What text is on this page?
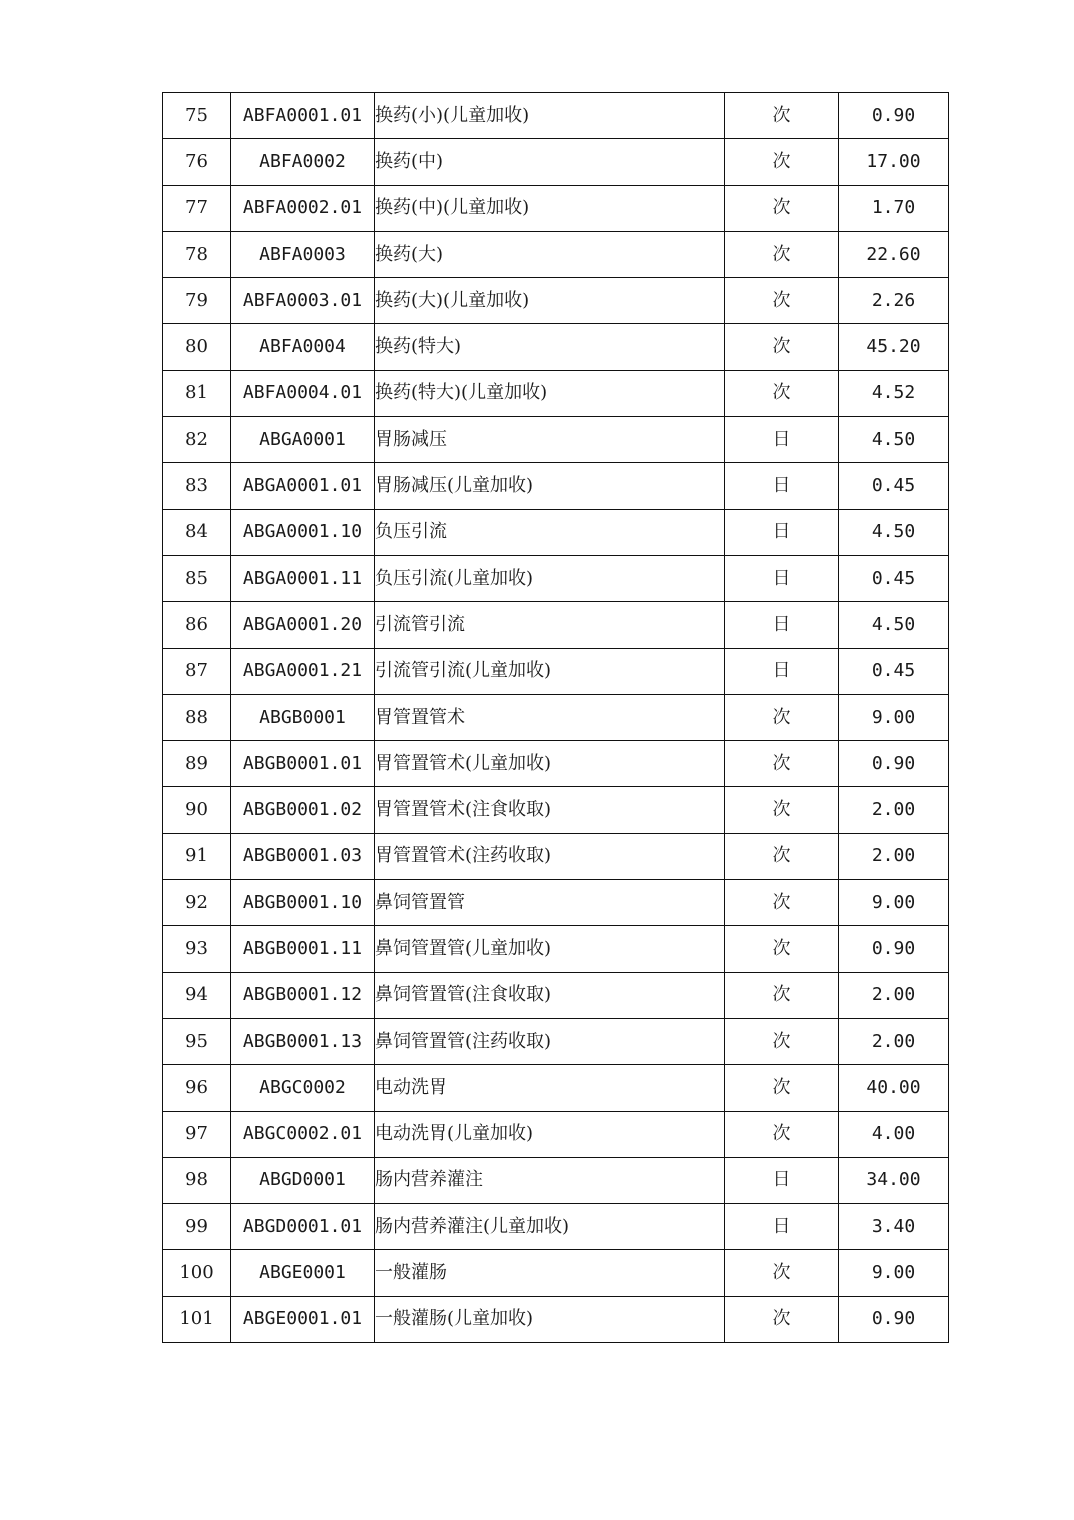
75	ABFA0001.01	换药(小)(儿童加收)	次	0.90
76	ABFA0002	换药(中)	次	17.00
77	ABFA0002.01	换药(中)(儿童加收)	次	1.70
78	ABFA0003	换药(大)	次	22.60
79	ABFA0003.01	换药(大)(儿童加收)	次	2.26
80	ABFA0004	换药(特大)	次	45.20
81	ABFA0004.01	换药(特大)(儿童加收)	次	4.52
82	ABGA0001	胃肠减压	日	4.50
83	ABGA0001.01	胃肠减压(儿童加收)	日	0.45
84	ABGA0001.10	负压引流	日	4.50
85	ABGA0001.11	负压引流(儿童加收)	日	0.45
86	ABGA0001.20	引流管引流	日	4.50
87	ABGA0001.21	引流管引流(儿童加收)	日	0.45
88	ABGB0001	胃管置管术	次	9.00
89	ABGB0001.01	胃管置管术(儿童加收)	次	0.90
90	ABGB0001.02	胃管置管术(注食收取)	次	2.00
91	ABGB0001.03	胃管置管术(注药收取)	次	2.00
92	ABGB0001.10	鼻饲管置管	次	9.00
93	ABGB0001.11	鼻饲管置管(儿童加收)	次	0.90
94	ABGB0001.12	鼻饲管置管(注食收取)	次	2.00
95	ABGB0001.13	鼻饲管置管(注药收取)	次	2.00
96	ABGC0002	电动洗胃	次	40.00
97	ABGC0002.01	电动洗胃(儿童加收)	次	4.00
98	ABGD0001	肠内营养灌注	日	34.00
99	ABGD0001.01	肠内营养灌注(儿童加收)	日	3.40
100	ABGE0001	一般灌肠	次	9.00
101	ABGE0001.01	一般灌肠(儿童加收)	次	0.90
